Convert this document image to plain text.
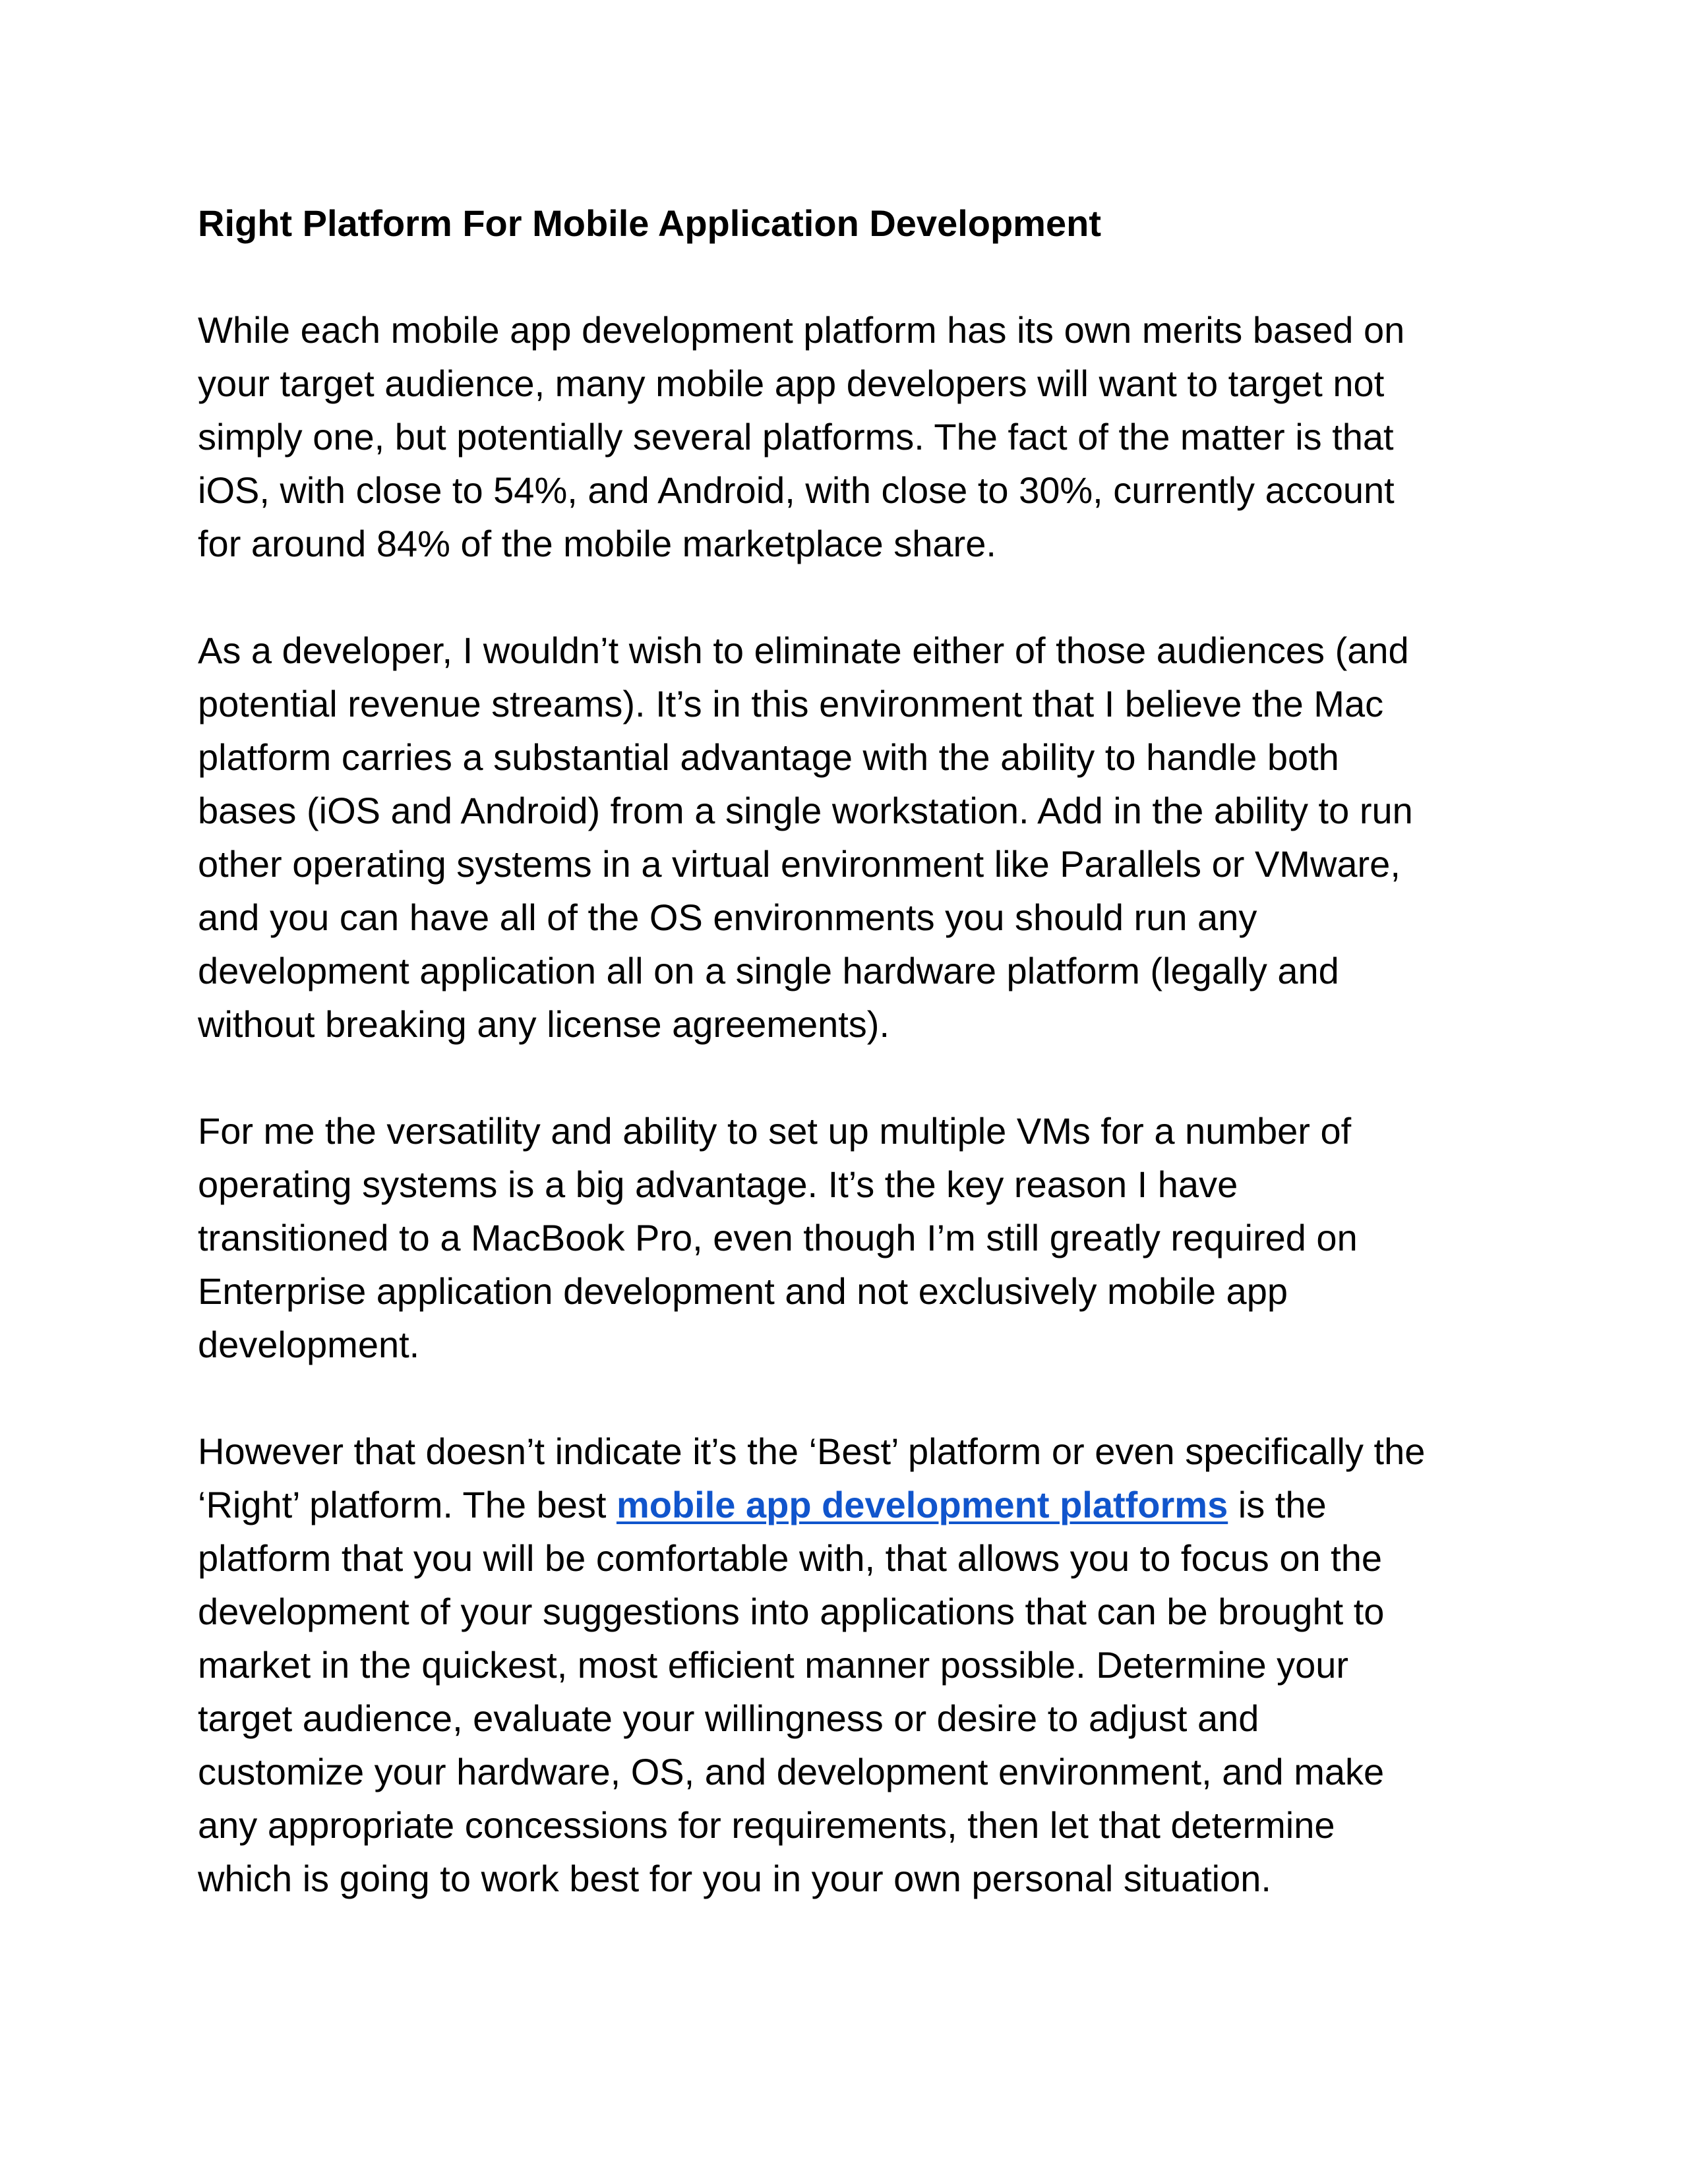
Right Platform For Mobile Application Development
While each mobile app development platform has its own merits based on
your target audience, many mobile app developers will want to target not
simply one, but potentially several platforms. The fact of the matter is that
iOS, with close to 54%, and Android, with close to 30%, currently account
for around 84% of the mobile marketplace share.
As a developer, I wouldn’t wish to eliminate either of those audiences (and
potential revenue streams). It’s in this environment that I believe the Mac
platform carries a substantial advantage with the ability to handle both
bases (iOS and Android) from a single workstation. Add in the ability to run
other operating systems in a virtual environment like Parallels or VMware,
and you can have all of the OS environments you should run any
development application all on a single hardware platform (legally and
without breaking any license agreements).
For me the versatility and ability to set up multiple VMs for a number of
operating systems is a big advantage. It’s the key reason I have
transitioned to a MacBook Pro, even though I’m still greatly required on
Enterprise application development and not exclusively mobile app
development.
However that doesn’t indicate it’s the ‘Best’ platform or even specifically the
‘Right’ platform. The best mobile app development platforms is the
platform that you will be comfortable with, that allows you to focus on the
development of your suggestions into applications that can be brought to
market in the quickest, most efficient manner possible. Determine your
target audience, evaluate your willingness or desire to adjust and
customize your hardware, OS, and development environment, and make
any appropriate concessions for requirements, then let that determine
which is going to work best for you in your own personal situation.
